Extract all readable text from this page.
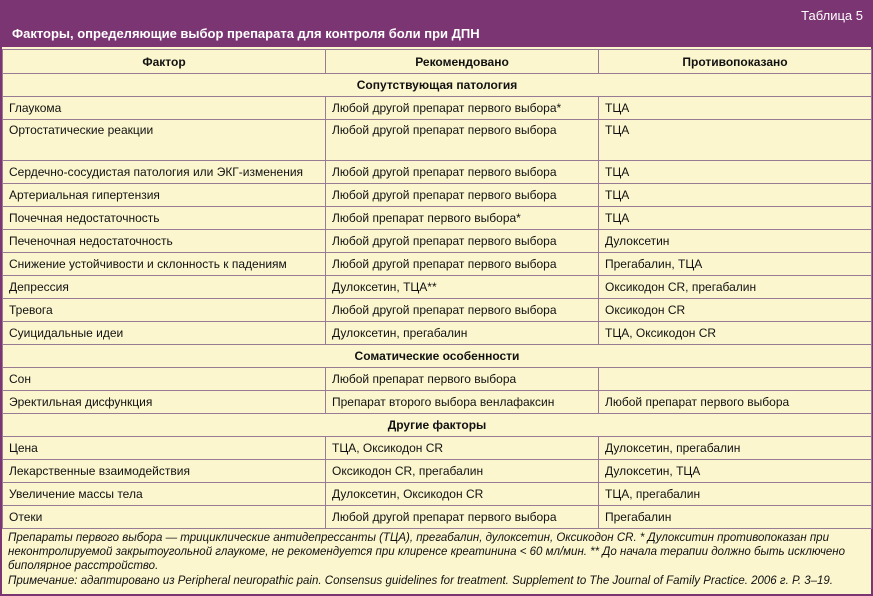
Таблица 5
Факторы, определяющие выбор препарата для контроля боли при ДПН
Фактор	Рекомендовано	Противопоказано
Сопутствующая патология		
Глаукома	Любой другой препарат первого выбора*	ТЦА
Ортостатические реакции	Любой другой препарат первого выбора	ТЦА
Сердечно-сосудистая патология или ЭКГ-изменения	Любой другой препарат первого выбора	ТЦА
Артериальная гипертензия	Любой другой препарат первого выбора	ТЦА
Почечная недостаточность	Любой препарат первого выбора*	ТЦА
Печеночная недостаточность	Любой другой препарат первого выбора	Дулоксетин
Снижение устойчивости и склонность к падениям	Любой другой препарат первого выбора	Прегабалин, ТЦА
Депрессия	Дулоксетин, ТЦА**	Оксикодон CR, прегабалин
Тревога	Любой другой препарат первого выбора	Оксикодон CR
Суицидальные идеи	Дулоксетин, прегабалин	ТЦА, Оксикодон CR
Соматические особенности		
Сон	Любой препарат первого выбора	
Эректильная дисфункция	Препарат второго выбора венлафаксин	Любой препарат первого выбора
Другие факторы		
Цена	ТЦА, Оксикодон CR	Дулоксетин, прегабалин
Лекарственные взаимодействия	Оксикодон CR, прегабалин	Дулоксетин, ТЦА
Увеличение массы тела	Дулоксетин, Оксикодон CR	ТЦА, прегабалин
Отеки	Любой другой препарат первого выбора	Прегабалин

Препараты первого выбора — трициклические антидепрессанты (ТЦА), прегабалин, дулоксетин, Оксикодон CR. * Дулокситин противопоказан при неконтролируемой закрытоугольной глаукоме, не рекомендуется при клиренсе креатинина < 60 мл/мин. ** До начала терапии должно быть исключено биполярное расстройство.

Примечание: адаптировано из Peripheral neuropathic pain. Consensus guidelines for treatment. Supplement to The Journal of Family Practice. 2006 г. Р. 3–19.
